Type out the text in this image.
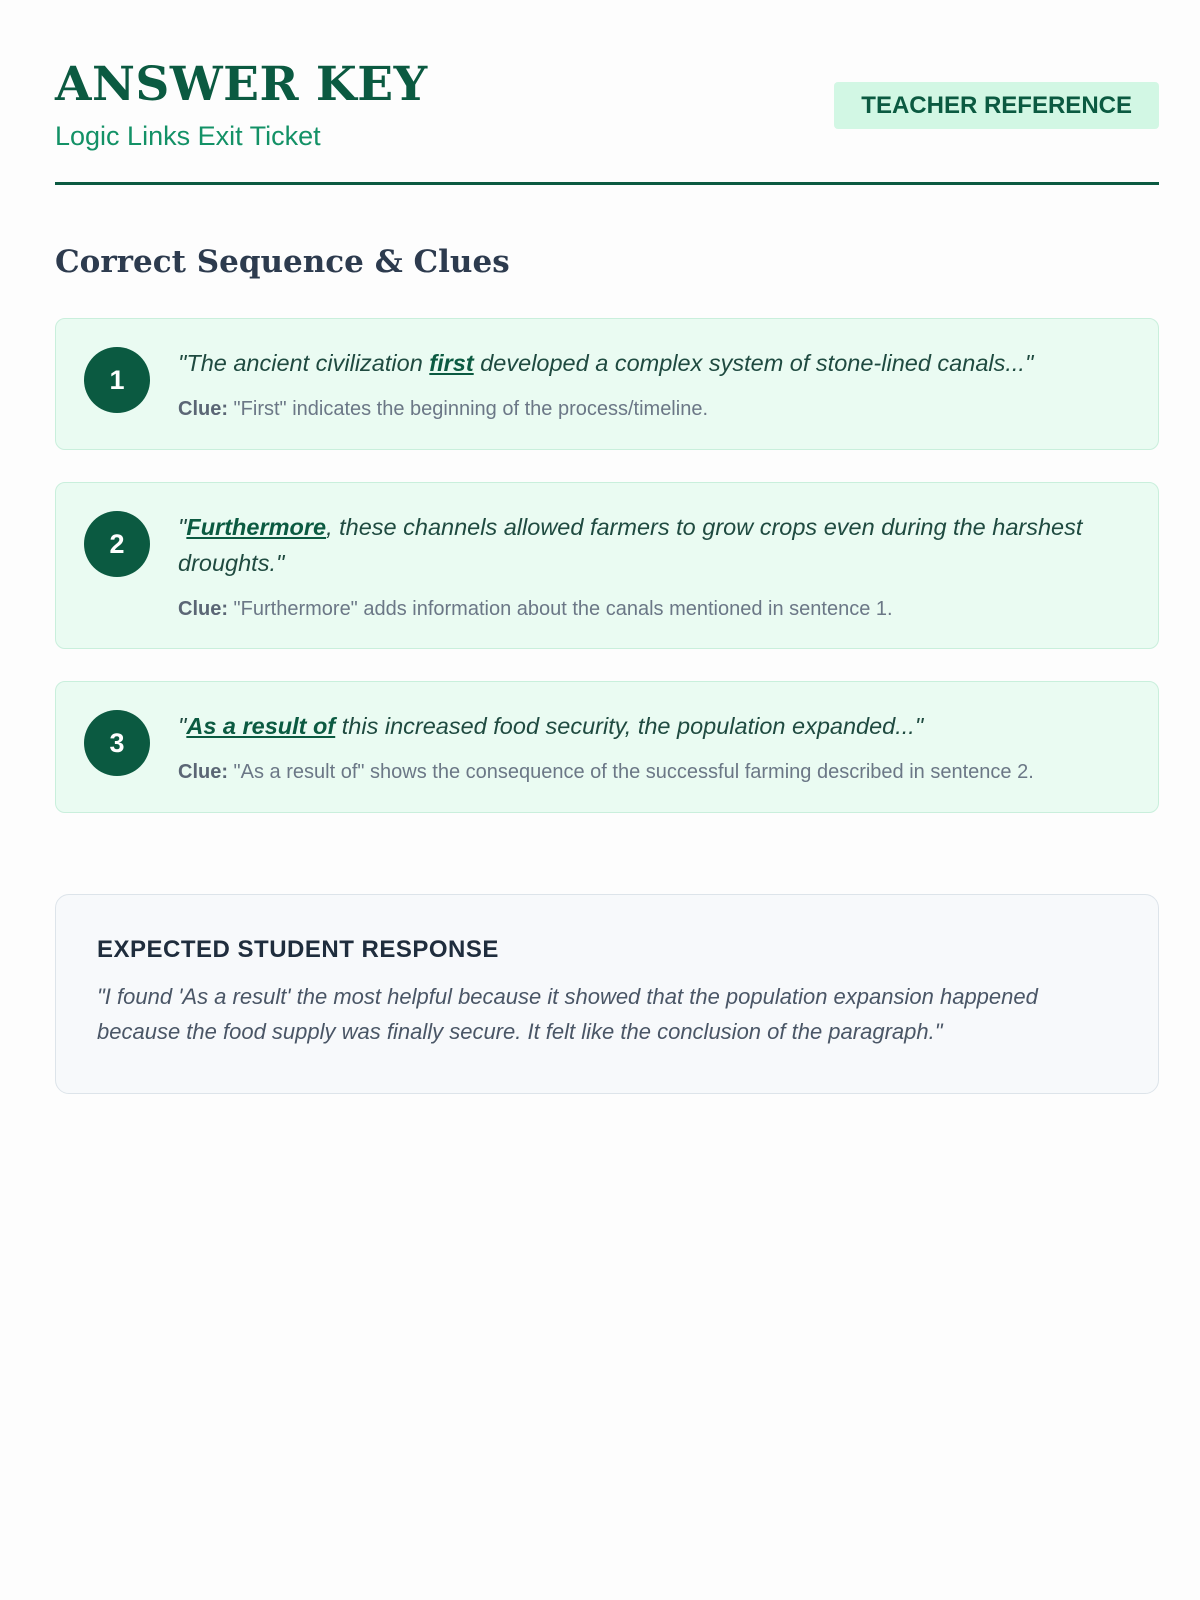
ANSWER KEY
Logic Links Exit Ticket
TEACHER REFERENCE
Correct Sequence & Clues
1
"The ancient civilization first developed a complex system of stone-lined canals..."
Clue: "First" indicates the beginning of the process/timeline.
2
"Furthermore, these channels allowed farmers to grow crops even during the harshest droughts."
Clue: "Furthermore" adds information about the canals mentioned in sentence 1.
3
"As a result of this increased food security, the population expanded..."
Clue: "As a result of" shows the consequence of the successful farming described in sentence 2.
EXPECTED STUDENT RESPONSE
"I found 'As a result' the most helpful because it showed that the population expansion happened because the food supply was finally secure. It felt like the conclusion of the paragraph."
